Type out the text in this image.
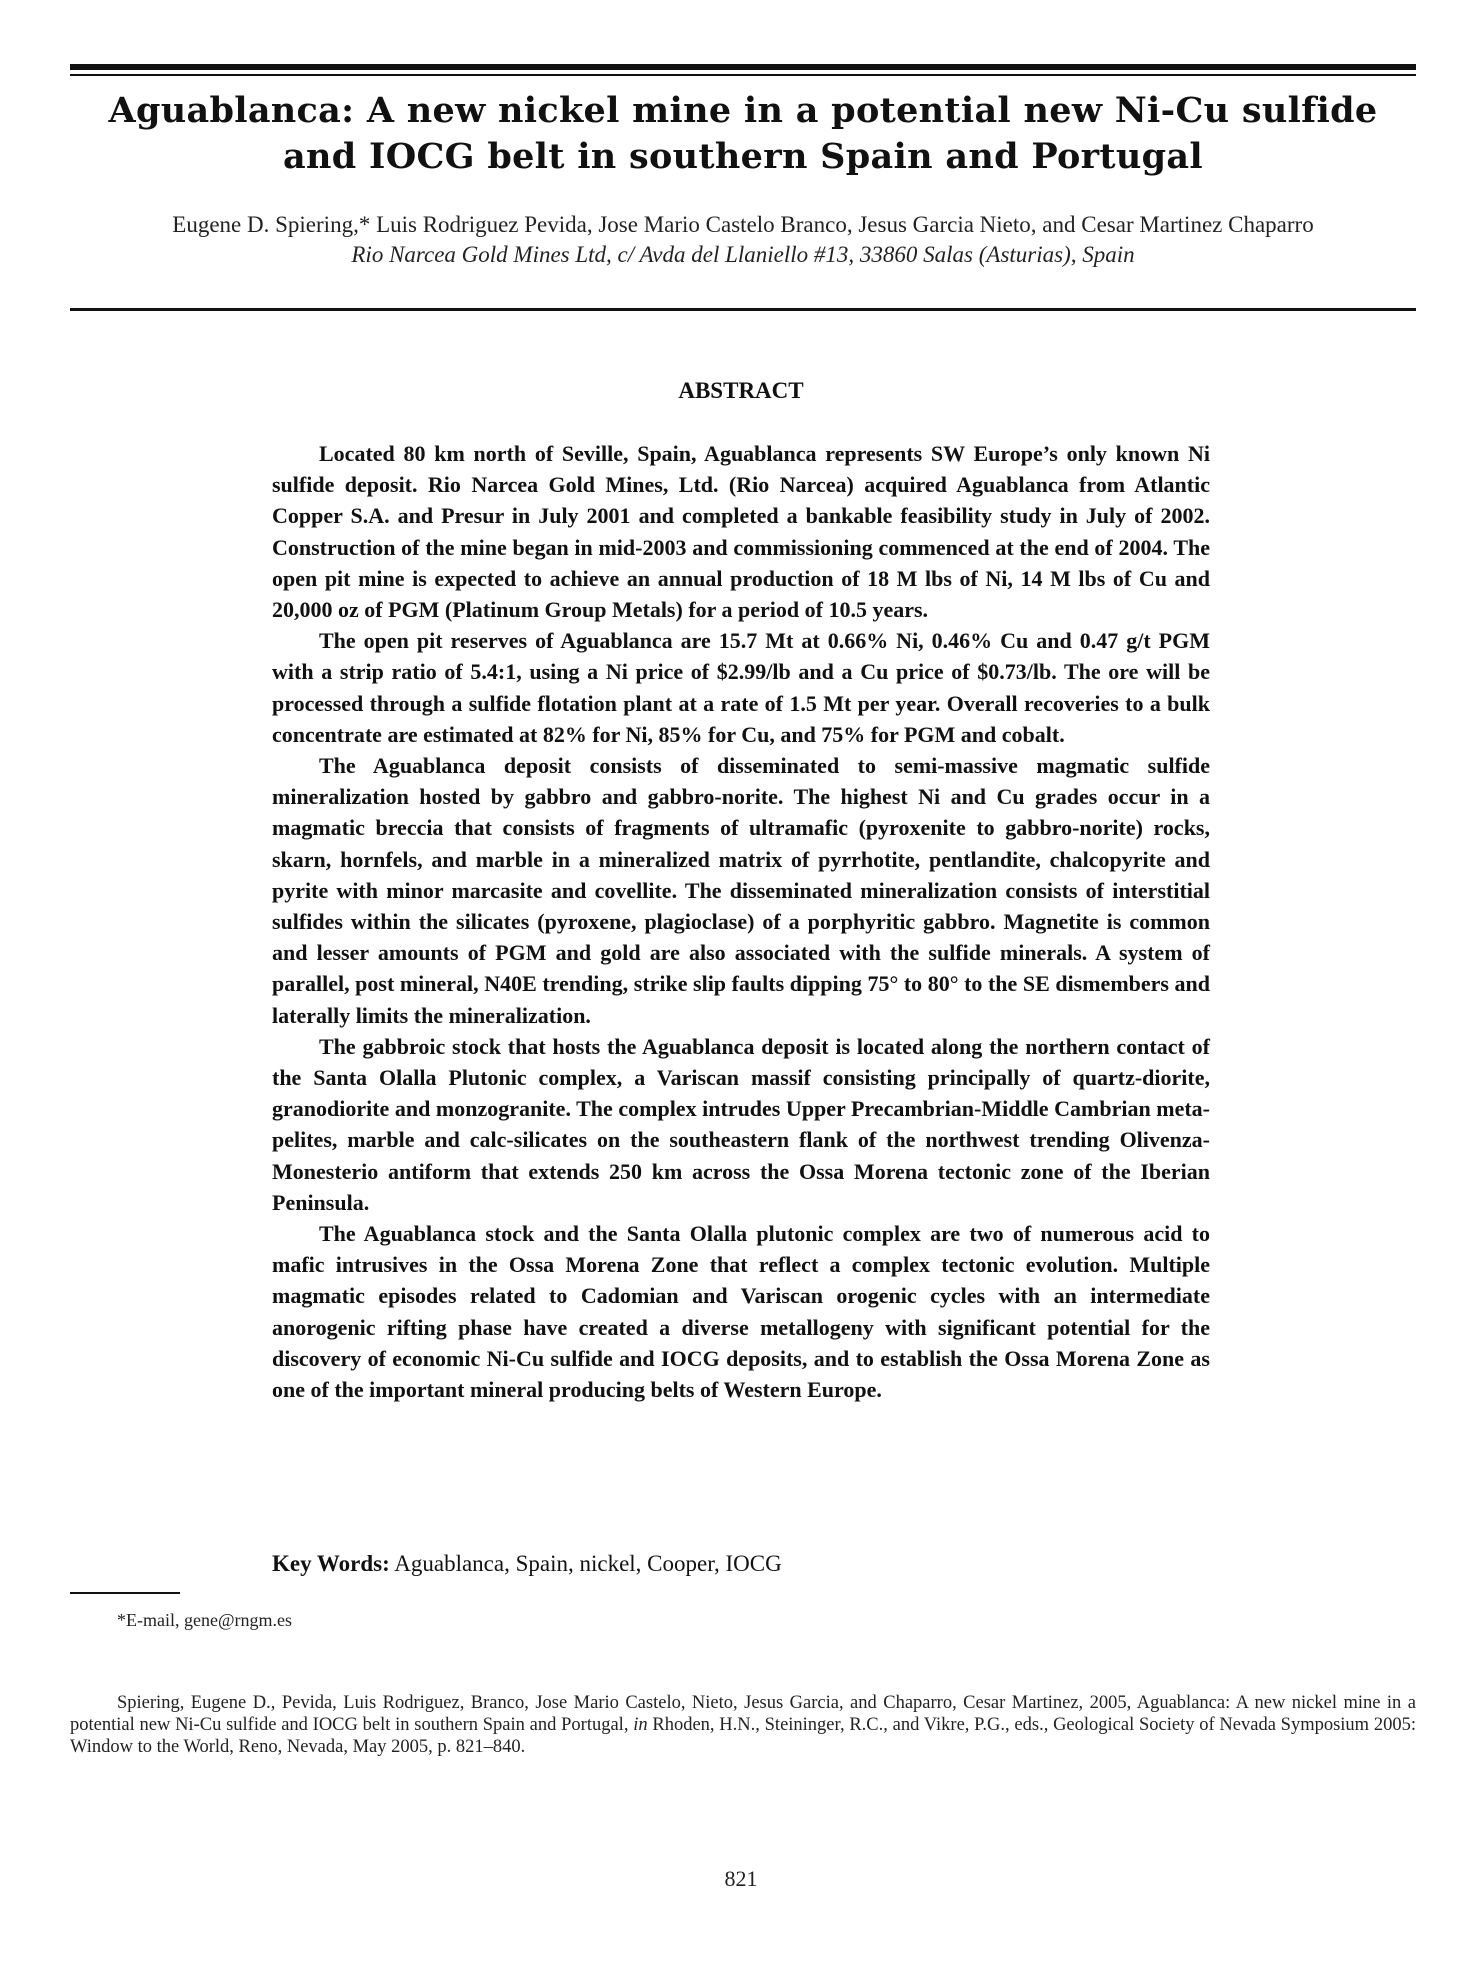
Aguablanca: A new nickel mine in a potential new Ni-Cu sulfide
and IOCG belt in southern Spain and Portugal
Eugene D. Spiering,* Luis Rodriguez Pevida, Jose Mario Castelo Branco, Jesus Garcia Nieto, and Cesar Martinez Chaparro
Rio Narcea Gold Mines Ltd, c/ Avda del Llaniello #13, 33860 Salas (Asturias), Spain
ABSTRACT

Located 80 km north of Seville, Spain, Aguablanca represents SW Europe’s only known Ni sulfide deposit. Rio Narcea Gold Mines, Ltd. (Rio Narcea) acquired Aguablanca from Atlantic Copper S.A. and Presur in July 2001 and completed a bankable feasibility study in July of 2002. Construction of the mine began in mid-2003 and commissioning commenced at the end of 2004. The open pit mine is expected to achieve an annual production of 18 M lbs of Ni, 14 M lbs of Cu and 20,000 oz of PGM (Platinum Group Metals) for a period of 10.5 years.

The open pit reserves of Aguablanca are 15.7 Mt at 0.66% Ni, 0.46% Cu and 0.47 g/t PGM with a strip ratio of 5.4:1, using a Ni price of $2.99/lb and a Cu price of $0.73/lb. The ore will be processed through a sulfide flotation plant at a rate of 1.5 Mt per year. Overall recoveries to a bulk concentrate are estimated at 82% for Ni, 85% for Cu, and 75% for PGM and cobalt.

The Aguablanca deposit consists of disseminated to semi-massive magmatic sulfide mineralization hosted by gabbro and gabbro-norite. The highest Ni and Cu grades occur in a magmatic breccia that consists of fragments of ultramafic (pyroxenite to gabbro-norite) rocks, skarn, hornfels, and marble in a mineralized matrix of pyrrhotite, pentlandite, chalcopyrite and pyrite with minor marcasite and covellite. The disseminated mineralization consists of interstitial sulfides within the silicates (pyroxene, plagioclase) of a porphyritic gabbro. Magnetite is common and lesser amounts of PGM and gold are also associated with the sulfide minerals. A system of parallel, post mineral, N40E trending, strike slip faults dipping 75° to 80° to the SE dismembers and laterally limits the mineralization.

The gabbroic stock that hosts the Aguablanca deposit is located along the northern contact of the Santa Olalla Plutonic complex, a Variscan massif consisting principally of quartz-diorite, granodiorite and monzogranite. The complex intrudes Upper Precambrian-Middle Cambrian meta-pelites, marble and calc-silicates on the southeastern flank of the northwest trending Olivenza-Monesterio antiform that extends 250 km across the Ossa Morena tectonic zone of the Iberian Peninsula.

The Aguablanca stock and the Santa Olalla plutonic complex are two of numerous acid to mafic intrusives in the Ossa Morena Zone that reflect a complex tectonic evolution. Multiple magmatic episodes related to Cadomian and Variscan orogenic cycles with an intermediate anorogenic rifting phase have created a diverse metallogeny with significant potential for the discovery of economic Ni-Cu sulfide and IOCG deposits, and to establish the Ossa Morena Zone as one of the important mineral producing belts of Western Europe.

Key Words: Aguablanca, Spain, nickel, Cooper, IOCG
*E-mail, gene@rngm.es
Spiering, Eugene D., Pevida, Luis Rodriguez, Branco, Jose Mario Castelo, Nieto, Jesus Garcia, and Chaparro, Cesar Martinez, 2005, Aguablanca: A new nickel mine in a potential new Ni-Cu sulfide and IOCG belt in southern Spain and Portugal, in Rhoden, H.N., Steininger, R.C., and Vikre, P.G., eds., Geological Society of Nevada Symposium 2005: Window to the World, Reno, Nevada, May 2005, p. 821–840.
821
